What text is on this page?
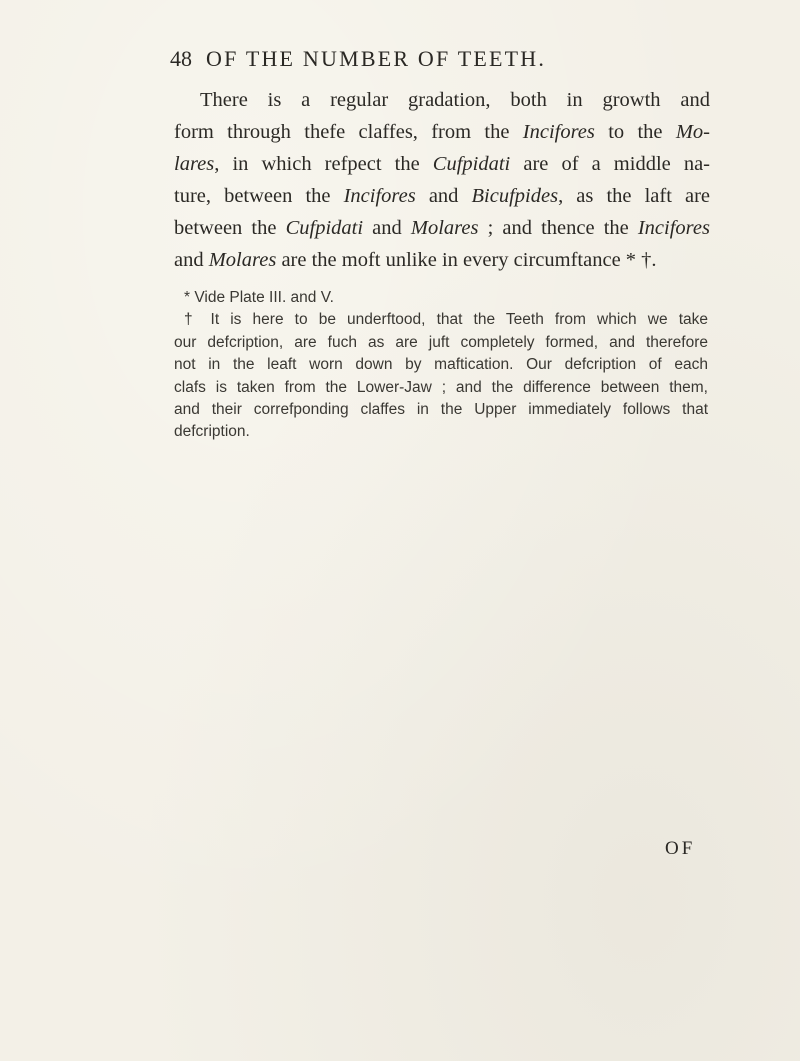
48 OF THE NUMBER OF TEETH.
There is a regular gradation, both in growth and
form through thefe claffes, from the Incifores to the Mo-
lares, in which refpect the Cufpidati are of a middle na-
ture, between the Incifores and Bicufpides, as the laft are
between the Cufpidati and Molares ; and thence the Incifores
and Molares are the moft unlike in every circumftance * †.
* Vide Plate III. and V.
† It is here to be underftood, that the Teeth from which we take
our defcription, are fuch as are juft completely formed, and therefore
not in the leaft worn down by maftication. Our defcription of each
clafs is taken from the Lower-Jaw ; and the difference between them,
and their correfponding claffes in the Upper immediately follows that
defcription.
OF
